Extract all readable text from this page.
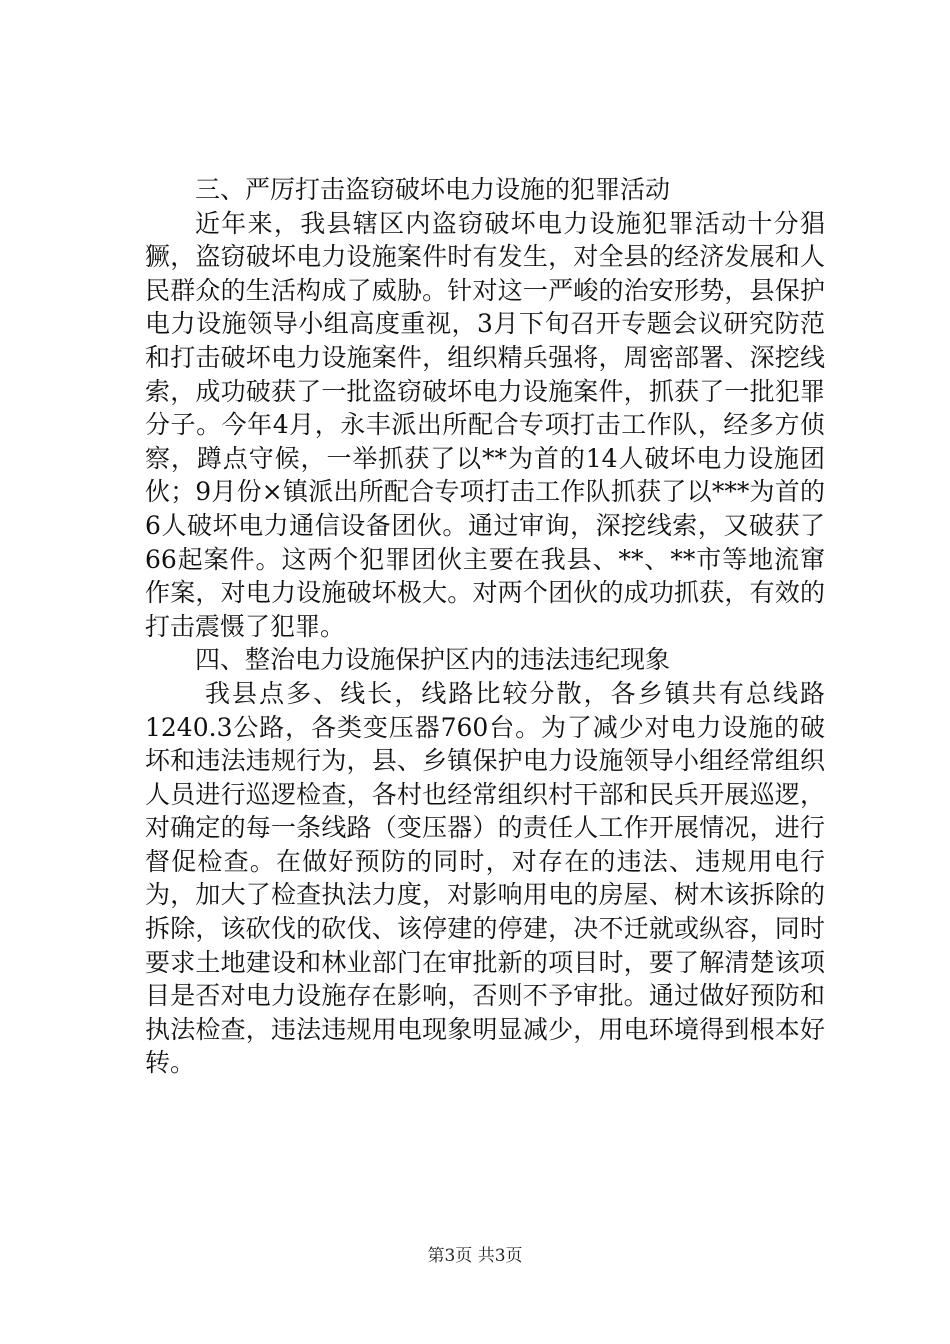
三、严厉打击盗窃破坏电力设施的犯罪活动

近年来，我县辖区内盗窃破坏电力设施犯罪活动十分猖獗，盗窃破坏电力设施案件时有发生，对全县的经济发展和人民群众的生活构成了威胁。针对这一严峻的治安形势，县保护电力设施领导小组高度重视，3月下旬召开专题会议研究防范和打击破坏电力设施案件，组织精兵强将，周密部署、深挖线索，成功破获了一批盗窃破坏电力设施案件，抓获了一批犯罪分子。今年4月，永丰派出所配合专项打击工作队，经多方侦察，蹲点守候，一举抓获了以**为首的14人破坏电力设施团伙；9月份×镇派出所配合专项打击工作队抓获了以***为首的6人破坏电力通信设备团伙。通过审询，深挖线索，又破获了66起案件。这两个犯罪团伙主要在我县、**、**市等地流窜作案，对电力设施破坏极大。对两个团伙的成功抓获，有效的打击震慑了犯罪。

四、整治电力设施保护区内的违法违纪现象

我县点多、线长，线路比较分散，各乡镇共有总线路1240.3公路，各类变压器760台。为了减少对电力设施的破坏和违法违规行为，县、乡镇保护电力设施领导小组经常组织人员进行巡逻检查，各村也经常组织村干部和民兵开展巡逻，对确定的每一条线路（变压器）的责任人工作开展情况，进行督促检查。在做好预防的同时，对存在的违法、违规用电行为，加大了检查执法力度，对影响用电的房屋、树木该拆除的拆除，该砍伐的砍伐、该停建的停建，决不迁就或纵容，同时要求土地建设和林业部门在审批新的项目时，要了解清楚该项目是否对电力设施存在影响，否则不予审批。通过做好预防和执法检查，违法违规用电现象明显减少，用电环境得到根本好转。

第3页 共3页
